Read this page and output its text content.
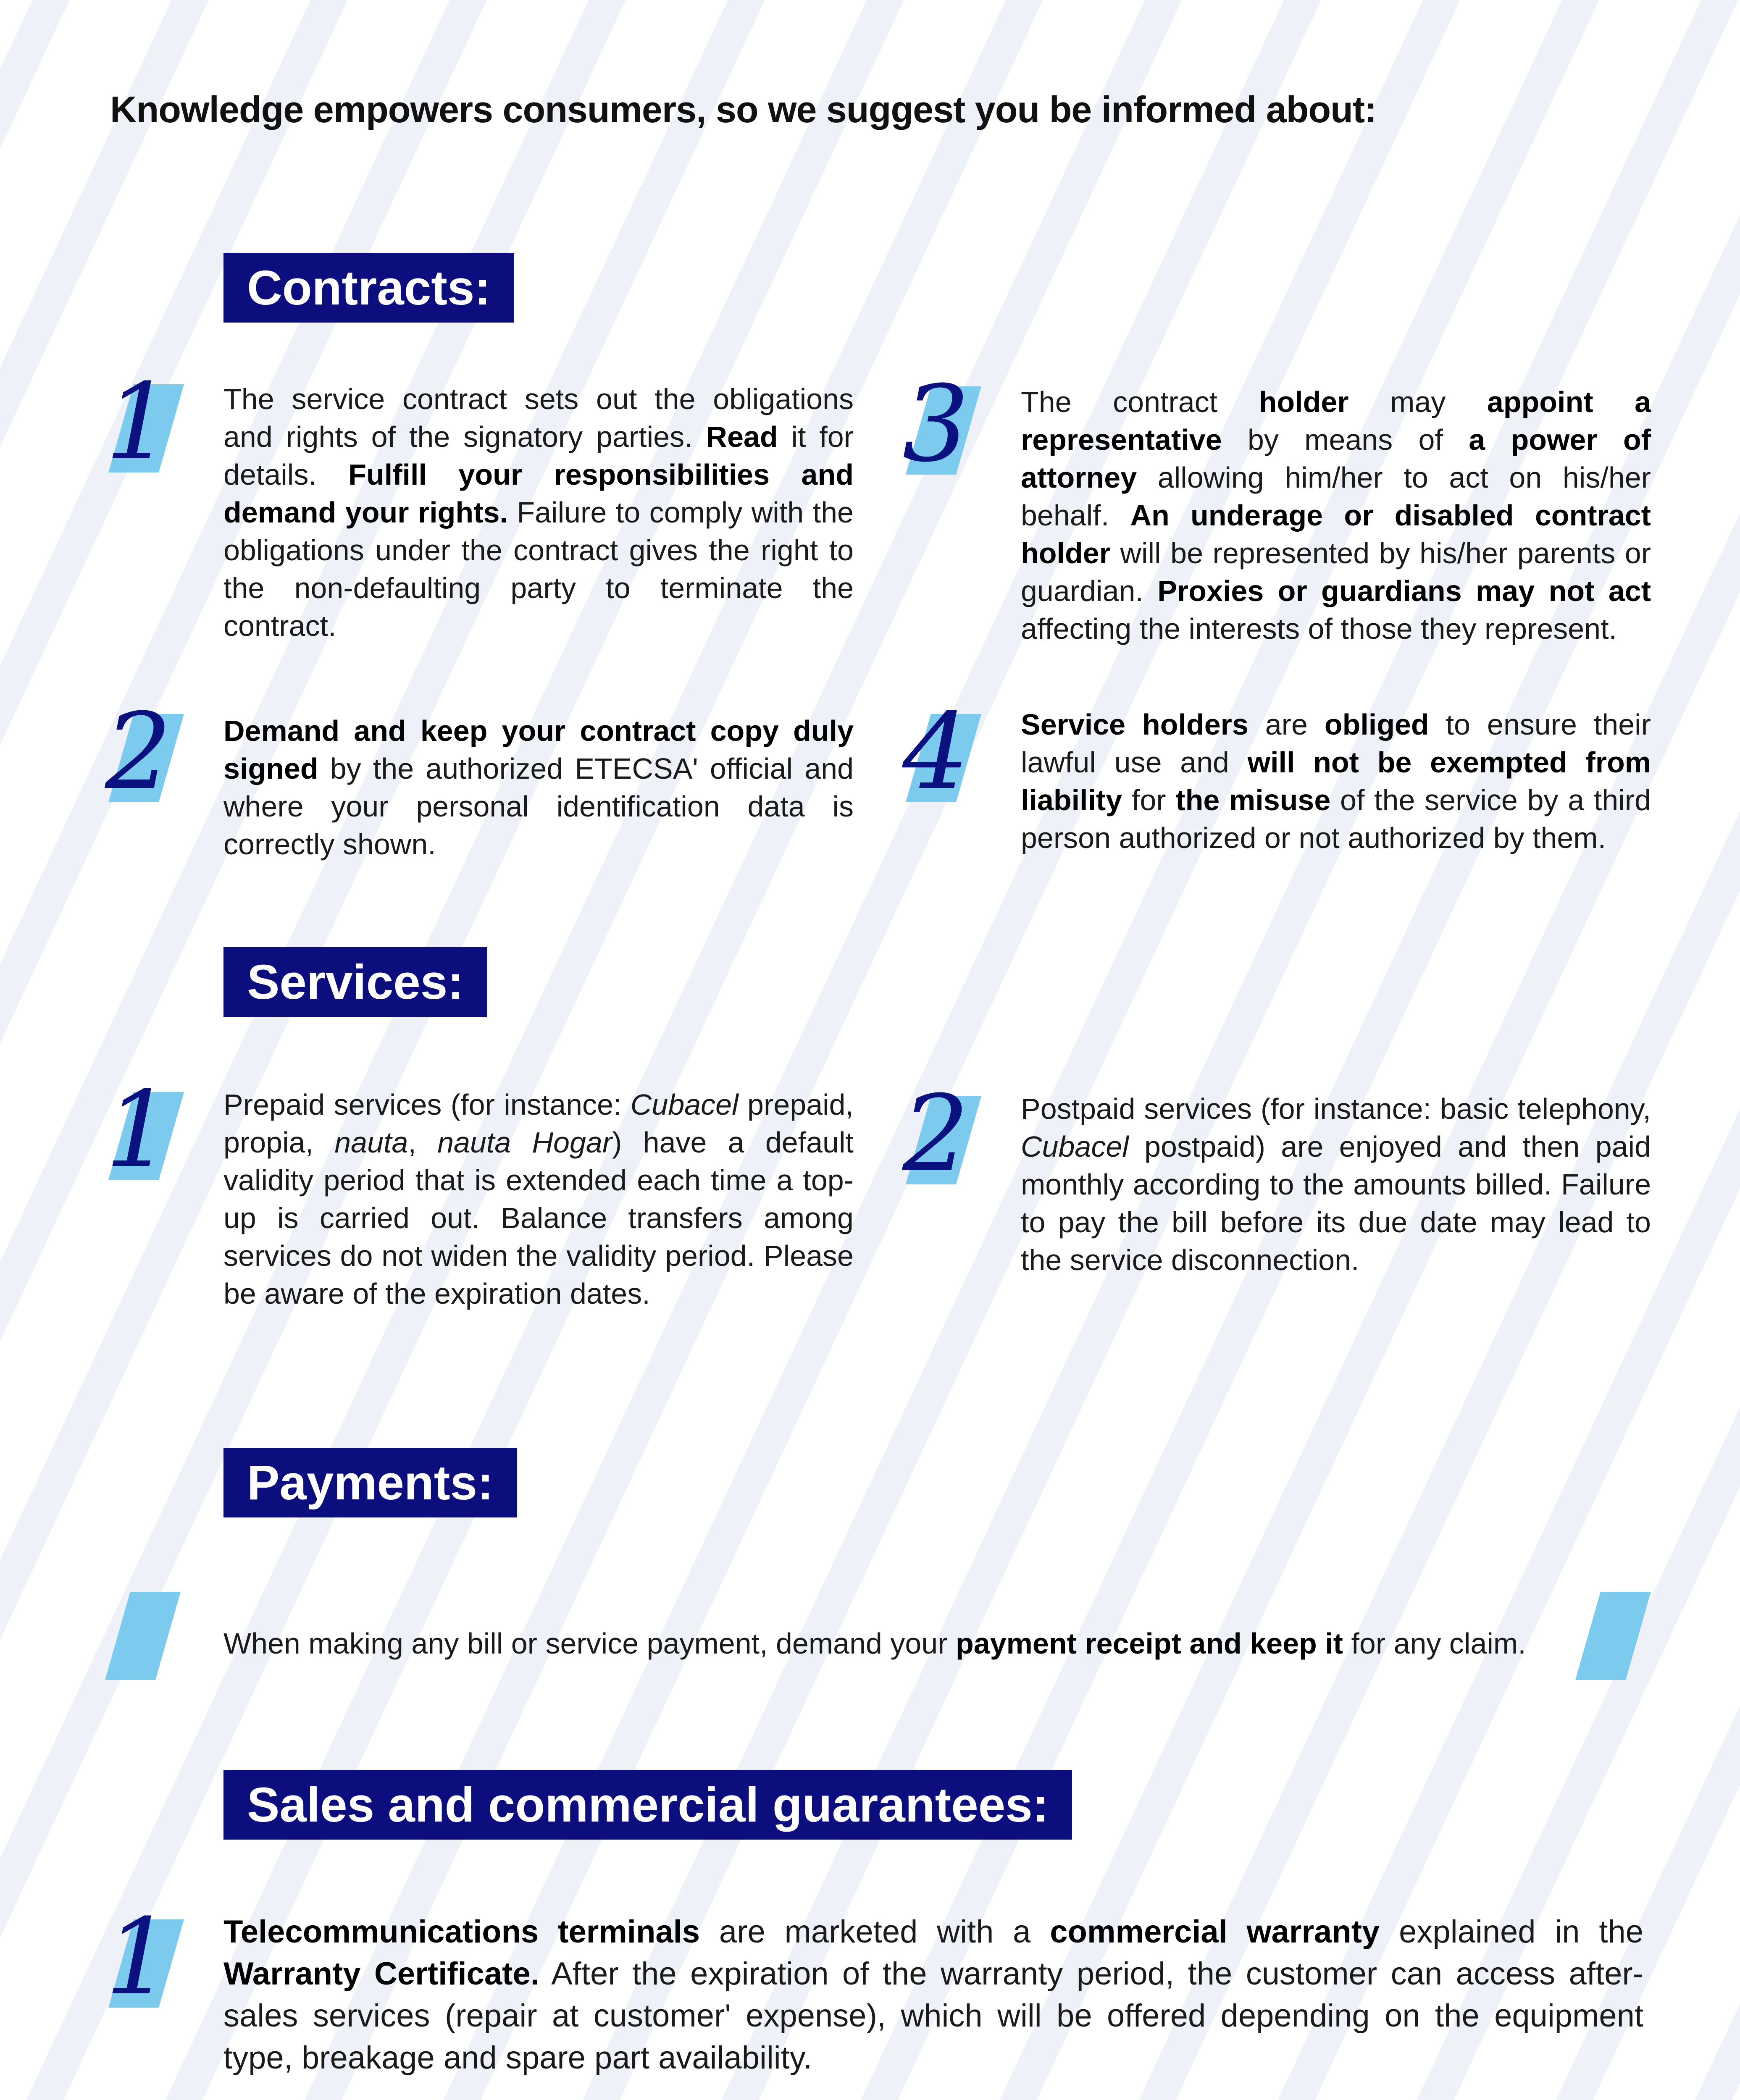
Knowledge empowers consumers, so we suggest you be informed about:
Contracts:
1 The service contract sets out the obligations and rights of the signatory parties. Read it for details. Fulfill your responsibilities and demand your rights. Failure to comply with the obligations under the contract gives the right to the non-defaulting party to terminate the contract.
2 Demand and keep your contract copy duly signed by the authorized ETECSA' official and where your personal identification data is correctly shown.
3 The contract holder may appoint a representative by means of a power of attorney allowing him/her to act on his/her behalf. An underage or disabled contract holder will be represented by his/her parents or guardian. Proxies or guardians may not act affecting the interests of those they represent.
4 Service holders are obliged to ensure their lawful use and will not be exempted from liability for the misuse of the service by a third person authorized or not authorized by them.
Services:
1 Prepaid services (for instance: Cubacel prepaid, propia, nauta, nauta Hogar) have a default validity period that is extended each time a top-up is carried out. Balance transfers among services do not widen the validity period. Please be aware of the expiration dates.
2 Postpaid services (for instance: basic telephony, Cubacel postpaid) are enjoyed and then paid monthly according to the amounts billed. Failure to pay the bill before its due date may lead to the service disconnection.
Payments:
When making any bill or service payment, demand your payment receipt and keep it for any claim.
Sales and commercial guarantees:
1 Telecommunications terminals are marketed with a commercial warranty explained in the Warranty Certificate. After the expiration of the warranty period, the customer can access after-sales services (repair at customer' expense), which will be offered depending on the equipment type, breakage and spare part availability.
